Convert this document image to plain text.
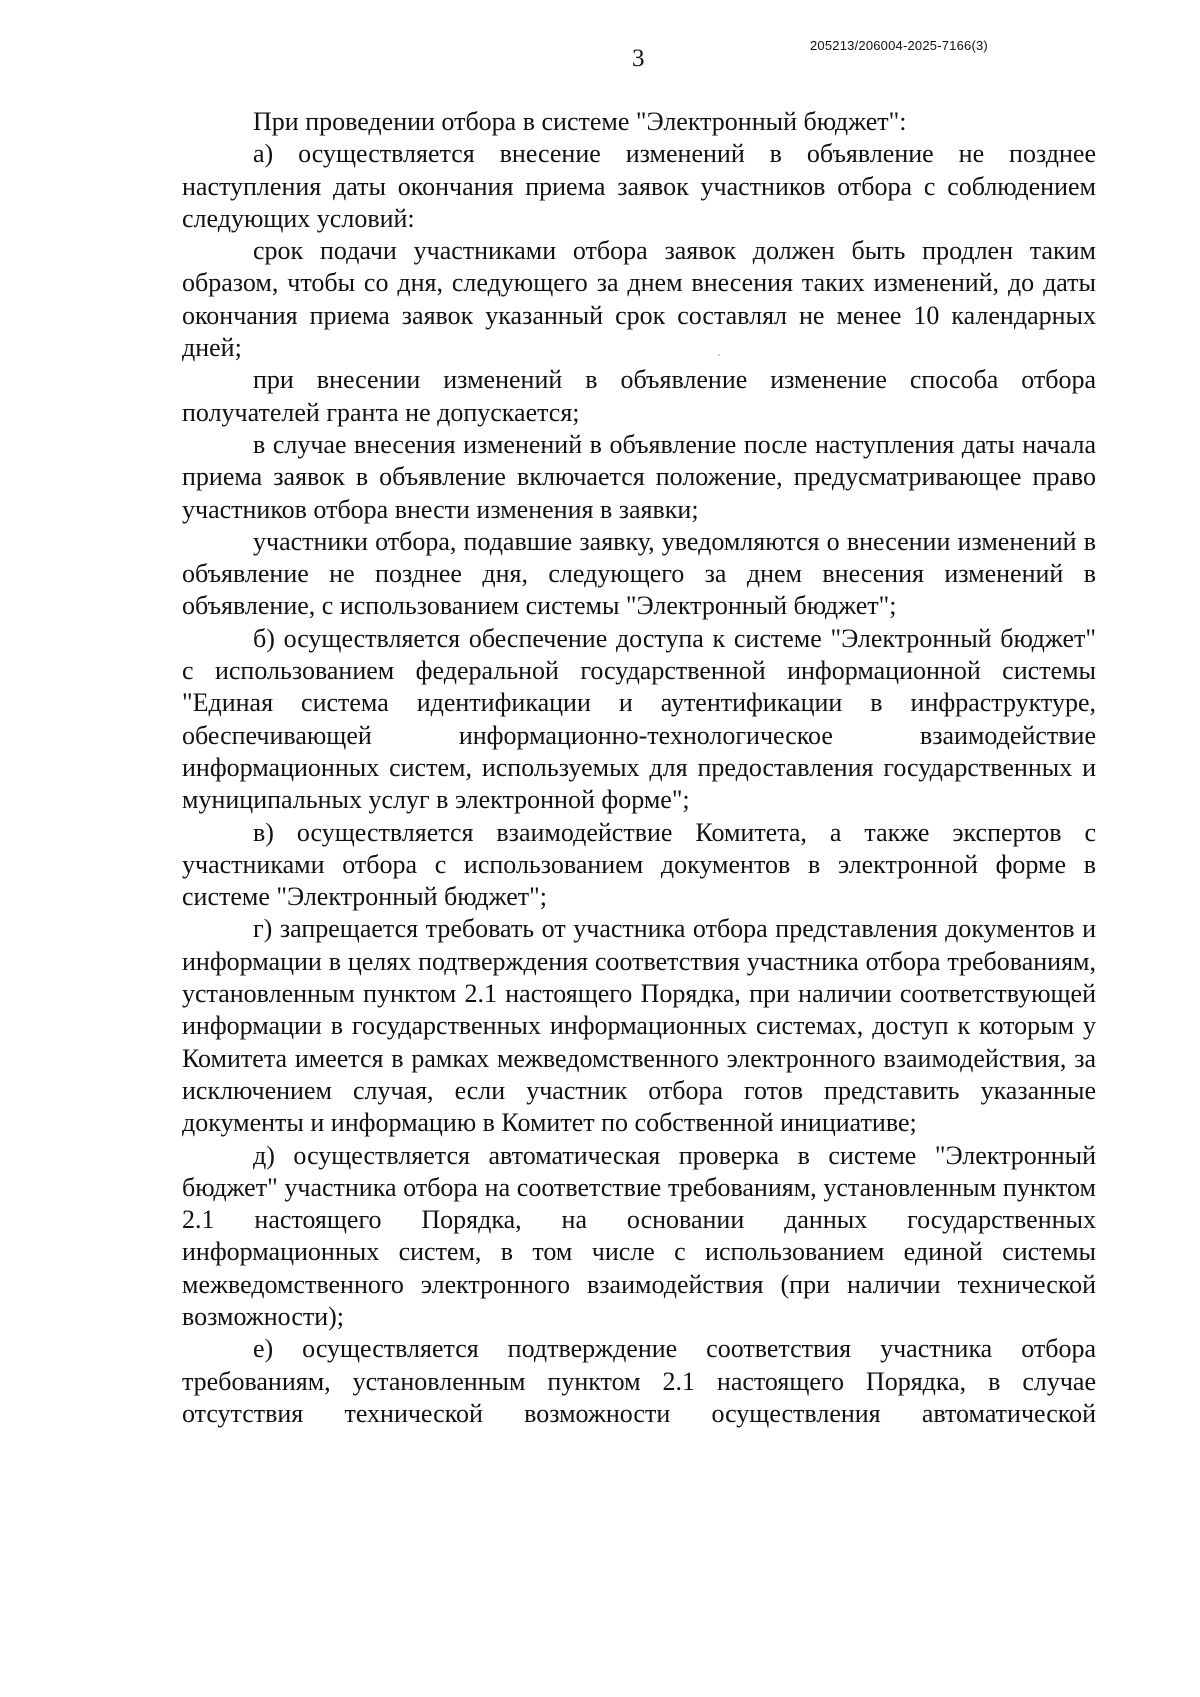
3	205213/206004-2025-7166(3)

При проведении отбора в системе "Электронный бюджет":

а) осуществляется внесение изменений в объявление не позднее наступления даты окончания приема заявок участников отбора с соблюдением следующих условий:

срок подачи участниками отбора заявок должен быть продлен таким образом, чтобы со дня, следующего за днем внесения таких изменений, до даты окончания приема заявок указанный срок составлял не менее 10 календарных дней;

при внесении изменений в объявление изменение способа отбора получателей гранта не допускается;

в случае внесения изменений в объявление после наступления даты начала приема заявок в объявление включается положение, предусматривающее право участников отбора внести изменения в заявки;

участники отбора, подавшие заявку, уведомляются о внесении изменений в объявление не позднее дня, следующего за днем внесения изменений в объявление, с использованием системы "Электронный бюджет";

б) осуществляется обеспечение доступа к системе "Электронный бюджет" с использованием федеральной государственной информационной системы "Единая система идентификации и аутентификации в инфраструктуре, обеспечивающей информационно-технологическое взаимодействие информационных систем, используемых для предоставления государственных и муниципальных услуг в электронной форме";

в) осуществляется взаимодействие Комитета, а также экспертов с участниками отбора с использованием документов в электронной форме в системе "Электронный бюджет";

г) запрещается требовать от участника отбора представления документов и информации в целях подтверждения соответствия участника отбора требованиям, установленным пунктом 2.1 настоящего Порядка, при наличии соответствующей информации в государственных информационных системах, доступ к которым у Комитета имеется в рамках межведомственного электронного взаимодействия, за исключением случая, если участник отбора готов представить указанные документы и информацию в Комитет по собственной инициативе;

д) осуществляется автоматическая проверка в системе "Электронный бюджет" участника отбора на соответствие требованиям, установленным пунктом 2.1 настоящего Порядка, на основании данных государственных информационных систем, в том числе с использованием единой системы межведомственного электронного взаимодействия (при наличии технической возможности);

е) осуществляется подтверждение соответствия участника отбора требованиям, установленным пунктом 2.1 настоящего Порядка, в случае отсутствия технической возможности осуществления автоматической
